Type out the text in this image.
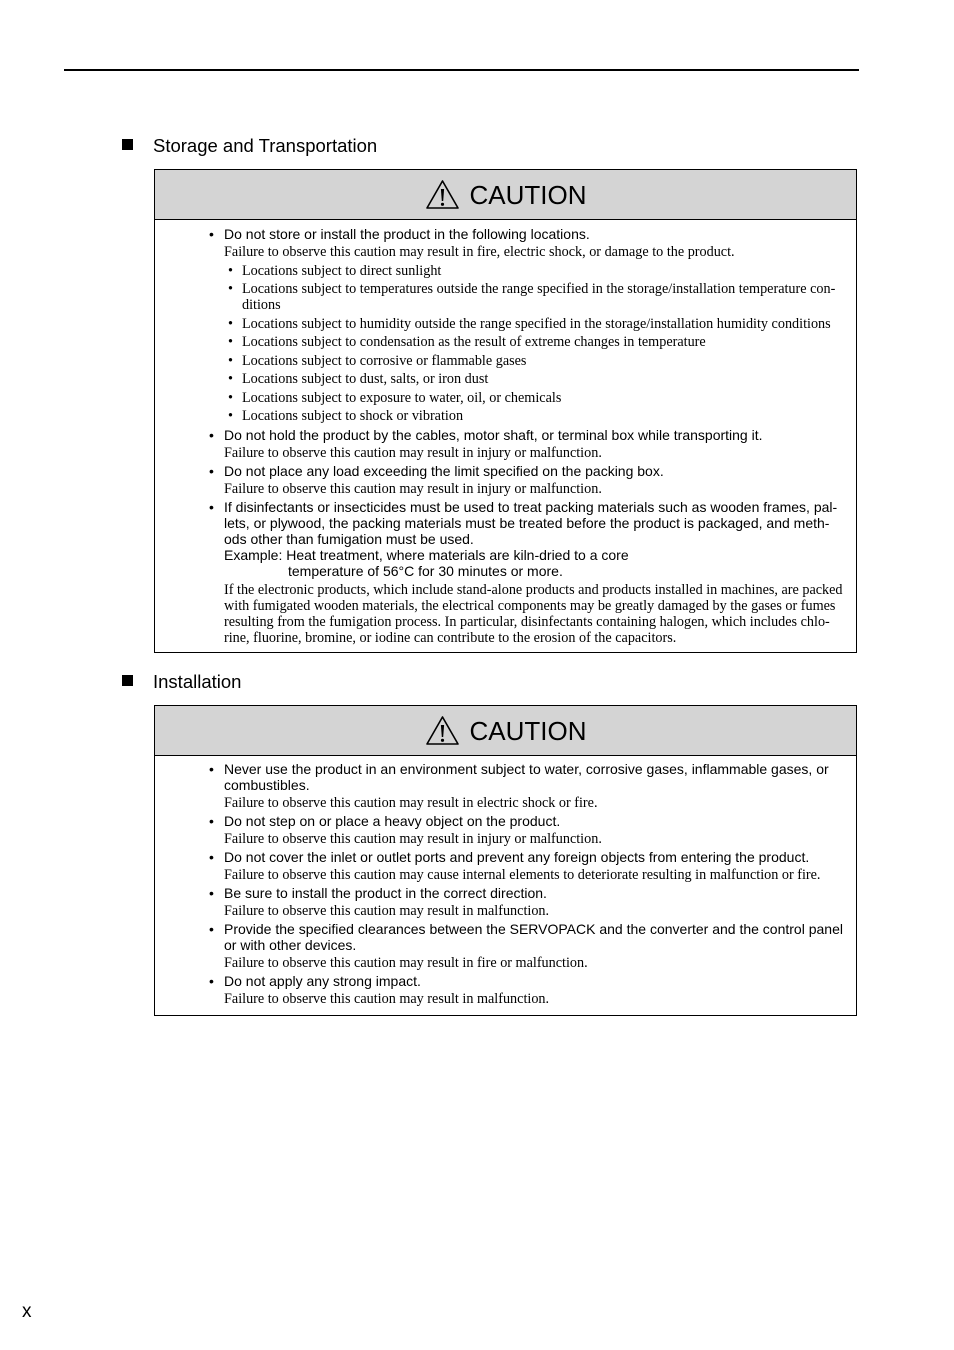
Storage and Transportation
CAUTION
• Do not store or install the product in the following locations.
Failure to observe this caution may result in fire, electric shock, or damage to the product.
• Locations subject to direct sunlight
• Locations subject to temperatures outside the range specified in the storage/installation temperature con-ditions
• Locations subject to humidity outside the range specified in the storage/installation humidity conditions
• Locations subject to condensation as the result of extreme changes in temperature
• Locations subject to corrosive or flammable gases
• Locations subject to dust, salts, or iron dust
• Locations subject to exposure to water, oil, or chemicals
• Locations subject to shock or vibration
• Do not hold the product by the cables, motor shaft, or terminal box while transporting it.
Failure to observe this caution may result in injury or malfunction.
• Do not place any load exceeding the limit specified on the packing box.
Failure to observe this caution may result in injury or malfunction.
• If disinfectants or insecticides must be used to treat packing materials such as wooden frames, pal-lets, or plywood, the packing materials must be treated before the product is packaged, and meth-ods other than fumigation must be used.
Example: Heat treatment, where materials are kiln-dried to a core
temperature of 56°C for 30 minutes or more.
If the electronic products, which include stand-alone products and products installed in machines, are packed with fumigated wooden materials, the electrical components may be greatly damaged by the gases or fumes resulting from the fumigation process. In particular, disinfectants containing halogen, which includes chlo-rine, fluorine, bromine, or iodine can contribute to the erosion of the capacitors.
Installation
CAUTION
• Never use the product in an environment subject to water, corrosive gases, inflammable gases, or combustibles.
Failure to observe this caution may result in electric shock or fire.
• Do not step on or place a heavy object on the product.
Failure to observe this caution may result in injury or malfunction.
• Do not cover the inlet or outlet ports and prevent any foreign objects from entering the product.
Failure to observe this caution may cause internal elements to deteriorate resulting in malfunction or fire.
• Be sure to install the product in the correct direction.
Failure to observe this caution may result in malfunction.
• Provide the specified clearances between the SERVOPACK and the converter and the control panel or with other devices.
Failure to observe this caution may result in fire or malfunction.
• Do not apply any strong impact.
Failure to observe this caution may result in malfunction.
x
